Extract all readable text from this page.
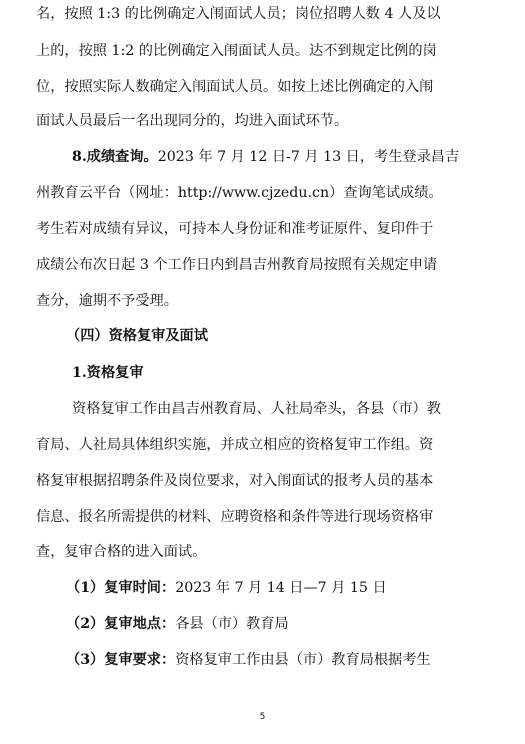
名，按照 1:3 的比例确定入闱面试人员；岗位招聘人数 4 人及以
上的，按照 1:2 的比例确定入闱面试人员。达不到规定比例的岗
位，按照实际人数确定入闱面试人员。如按上述比例确定的入闱
面试人员最后一名出现同分的，均进入面试环节。
8.成绩查询。2023 年 7 月 12 日-7 月 13 日，考生登录昌吉
州教育云平台（网址：http://www.cjzedu.cn）查询笔试成绩。
考生若对成绩有异议，可持本人身份证和准考证原件、复印件于
成绩公布次日起 3 个工作日内到昌吉州教育局按照有关规定申请
查分，逾期不予受理。
（四）资格复审及面试
1.资格复审
资格复审工作由昌吉州教育局、人社局牵头，各县（市）教
育局、人社局具体组织实施，并成立相应的资格复审工作组。资
格复审根据招聘条件及岗位要求，对入闱面试的报考人员的基本
信息、报名所需提供的材料、应聘资格和条件等进行现场资格审
查，复审合格的进入面试。
（1）复审时间：2023 年 7 月 14 日—7 月 15 日
（2）复审地点：各县（市）教育局
（3）复审要求：资格复审工作由县（市）教育局根据考生
5
